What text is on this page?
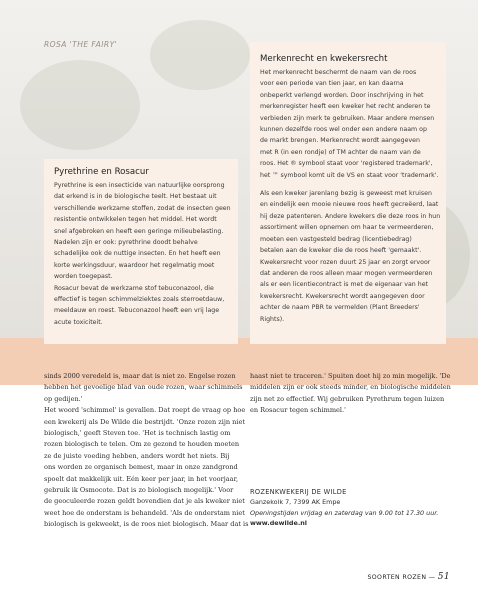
ROSA 'THE FAIRY'
Pyrethrine en Rosacur
Pyrethrine is een insecticide van natuurlijke oorsprong
dat erkend is in de biologische teelt. Het bestaat uit
verschillende werkzame stoffen, zodat de insecten geen
resistentie ontwikkelen tegen het middel. Het wordt
snel afgebroken en heeft een geringe milieubelasting.
Nadelen zijn er ook: pyrethrine doodt behalve
schadelijke ook de nuttige insecten. En het heeft een
korte werkingsduur, waardoor het regelmatig moet
worden toegepast.
Rosacur bevat de werkzame stof tebuconazool, die
effectief is tegen schimmelziektes zoals sterroetdauw,
meeldauw en roest. Tebuconazool heeft een vrij lage
acute toxiciteit.
Merkenrecht en kwekersrecht
Het merkenrecht beschermt de naam van de roos
voor een periode van tien jaar, en kan daarna
onbeperkt verlengd worden. Door inschrijving in het
merkenregister heeft een kweker het recht anderen te
verbieden zijn merk te gebruiken. Maar andere mensen
kunnen dezelfde roos wel onder een andere naam op
de markt brengen. Merkenrecht wordt aangegeven
met R (in een rondje) of TM achter de naam van de
roos. Het ® symbool staat voor 'registered trademark',
het ™ symbool komt uit de VS en staat voor 'trademark'.
Als een kweker jarenlang bezig is geweest met kruisen
en eindelijk een mooie nieuwe roos heeft gecreëerd, laat
hij deze patenteren. Andere kwekers die deze roos in hun
assortiment willen opnemen om haar te vermeerderen,
moeten een vastgesteld bedrag (licentiebedrag)
betalen aan de kweker die de roos heeft 'gemaakt'.
Kwekersrecht voor rozen duurt 25 jaar en zorgt ervoor
dat anderen de roos alleen maar mogen vermeerderen
als er een licentiecontract is met de eigenaar van het
kwekersrecht. Kwekersrecht wordt aangegeven door
achter de naam PBR te vermelden (Plant Breeders'
Rights).
sinds 2000 veredeld is, maar dat is niet zo. Engelse rozen
hebben het gevoelige blad van oude rozen, waar schimmels
op gedijen.'
Het woord 'schimmel' is gevallen. Dat roept de vraag op hoe
een kwekerij als De Wilde die bestrijdt. 'Onze rozen zijn niet
biologisch,' geeft Steven toe. 'Het is technisch lastig om
rozen biologisch te telen. Om ze gezond te houden moeten
ze de juiste voeding hebben, anders wordt het niets. Bij
ons worden ze organisch bemest, maar in onze zandgrond
spoelt dat makkelijk uit. Eén keer per jaar, in het voorjaar,
gebruik ik Osmocote. Dat is zo biologisch mogelijk.' Voor
de geoculeerde rozen geldt bovendien dat je als kweker niet
weet hoe de onderstam is behandeld. 'Als de onderstam niet
biologisch is gekweekt, is de roos niet biologisch. Maar dat is
haast niet te traceren.' Spuiten doet hij zo min mogelijk. 'De
middelen zijn er ook steeds minder, en biologische middelen
zijn net zo effectief. Wij gebruiken Pyrethrum tegen luizen
en Rosacur tegen schimmel.'
ROZENKWEKERIJ DE WILDE
Ganzekolk 7, 7399 AK Empe
Openingstijden vrijdag en zaterdag van 9.00 tot 17.30 uur.
www.dewilde.nl
SOORTEN ROZEN — 51
